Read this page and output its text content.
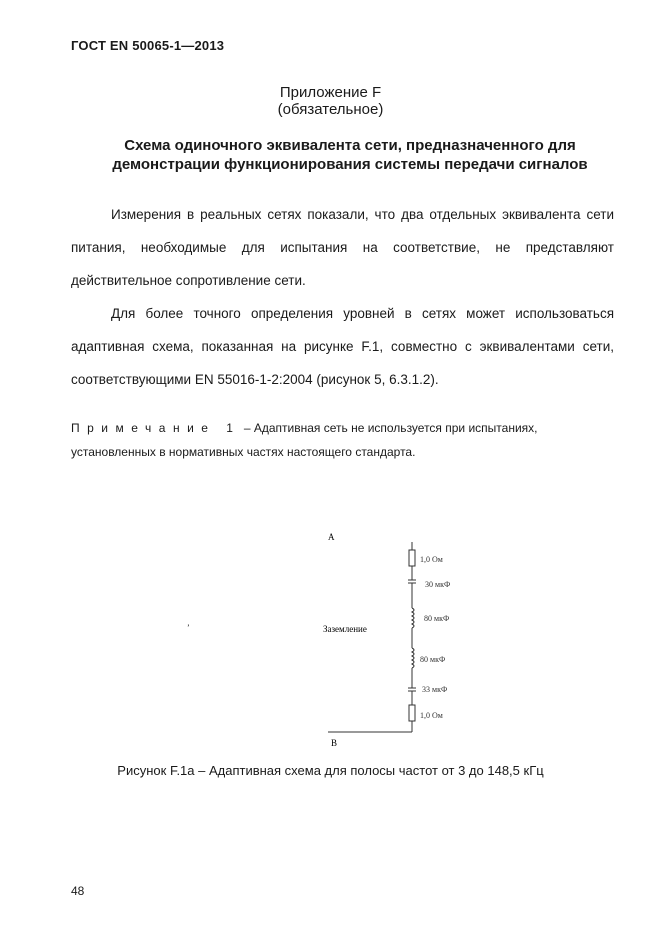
ГОСТ EN 50065-1—2013
Приложение F
(обязательное)
Схема одиночного эквивалента сети, предназначенного для
демонстрации функционирования системы передачи сигналов

Измерения в реальных сетях показали, что два отдельных эквивалента сети питания, необходимые для испытания на соответствие, не представляют действительное сопротивление сети.

Для более точного определения уровней в сетях может использоваться адаптивная схема, показанная на рисунке F.1, совместно с эквивалентами сети, соответствующими EN 55016-1-2:2004 (рисунок 5, 6.3.1.2).

Примечание 1 – Адаптивная сеть не используется при испытаниях,
установленных в нормативных частях настоящего стандарта.
A
B
Заземление
ʼ
1,0 Ом
30 мкФ
80 мкФ
80 мкФ
33 мкФ
1,0 Ом
Рисунок F.1а – Адаптивная схема для полосы частот от 3 до 148,5 кГц
48
